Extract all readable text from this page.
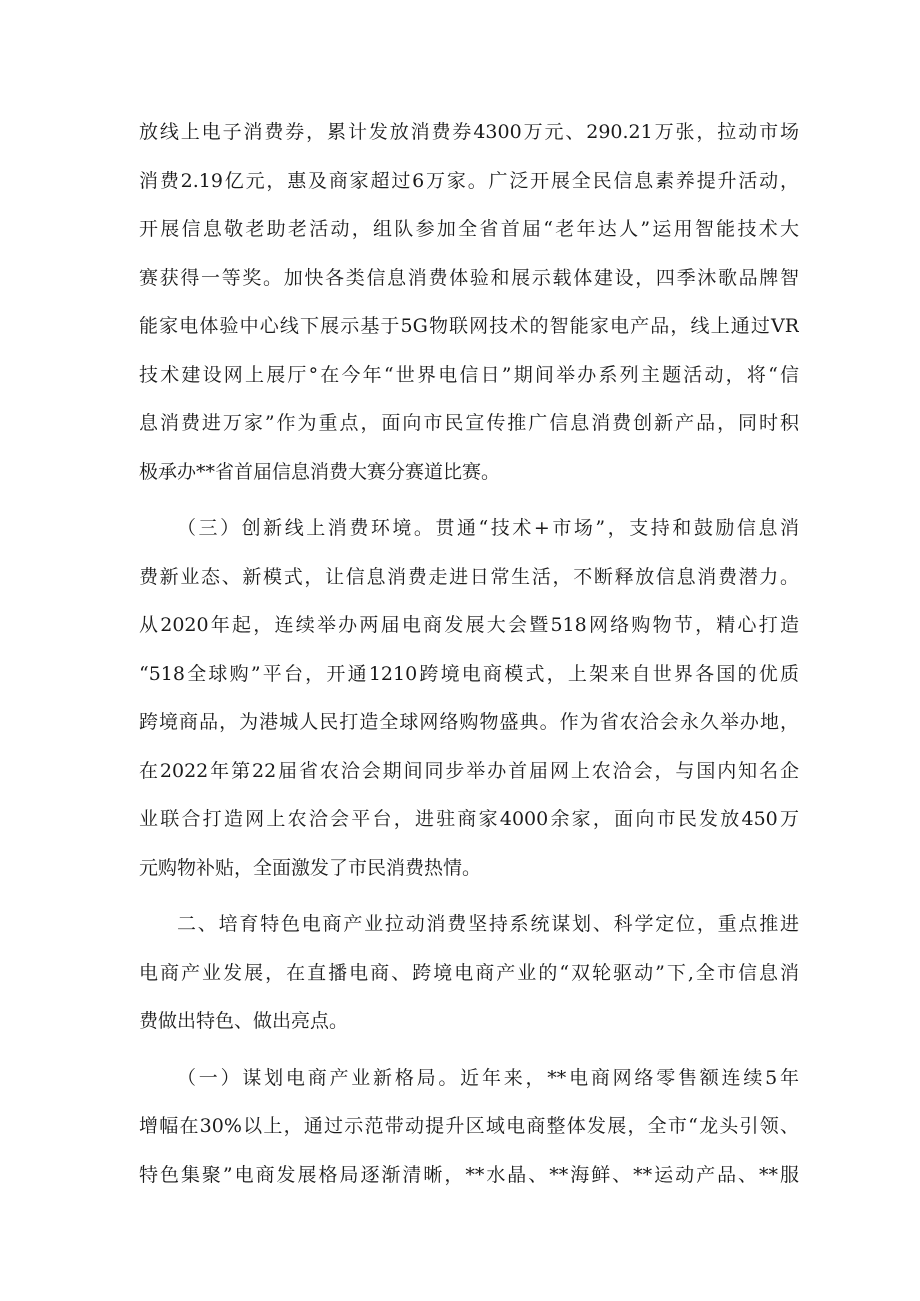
放线上电子消费券，累计发放消费券4300万元、290.21万张，拉动市场
消费2.19亿元，惠及商家超过6万家。广泛开展全民信息素养提升活动，
开展信息敬老助老活动，组队参加全省首届“老年达人”运用智能技术大
赛获得一等奖。加快各类信息消费体验和展示载体建设，四季沐歌品牌智
能家电体验中心线下展示基于5G物联网技术的智能家电产品，线上通过VR
技术建设网上展厅°在今年“世界电信日”期间举办系列主题活动，将“信
息消费进万家”作为重点，面向市民宣传推广信息消费创新产品，同时积
极承办**省首届信息消费大赛分赛道比赛。
（三）创新线上消费环境。贯通“技术+市场”，支持和鼓励信息消
费新业态、新模式，让信息消费走进日常生活，不断释放信息消费潜力。
从2020年起，连续举办两届电商发展大会暨518网络购物节，精心打造
“518全球购”平台，开通1210跨境电商模式，上架来自世界各国的优质
跨境商品，为港城人民打造全球网络购物盛典。作为省农洽会永久举办地，
在2022年第22届省农洽会期间同步举办首届网上农洽会，与国内知名企
业联合打造网上农洽会平台，进驻商家4000余家，面向市民发放450万
元购物补贴，全面激发了市民消费热情。
二、培育特色电商产业拉动消费坚持系统谋划、科学定位，重点推进
电商产业发展，在直播电商、跨境电商产业的“双轮驱动”下,全市信息消
费做出特色、做出亮点。
（一）谋划电商产业新格局。近年来，**电商网络零售额连续5年
增幅在30%以上，通过示范带动提升区域电商整体发展，全市“龙头引领、
特色集聚”电商发展格局逐渐清晰，**水晶、**海鲜、**运动产品、**服
